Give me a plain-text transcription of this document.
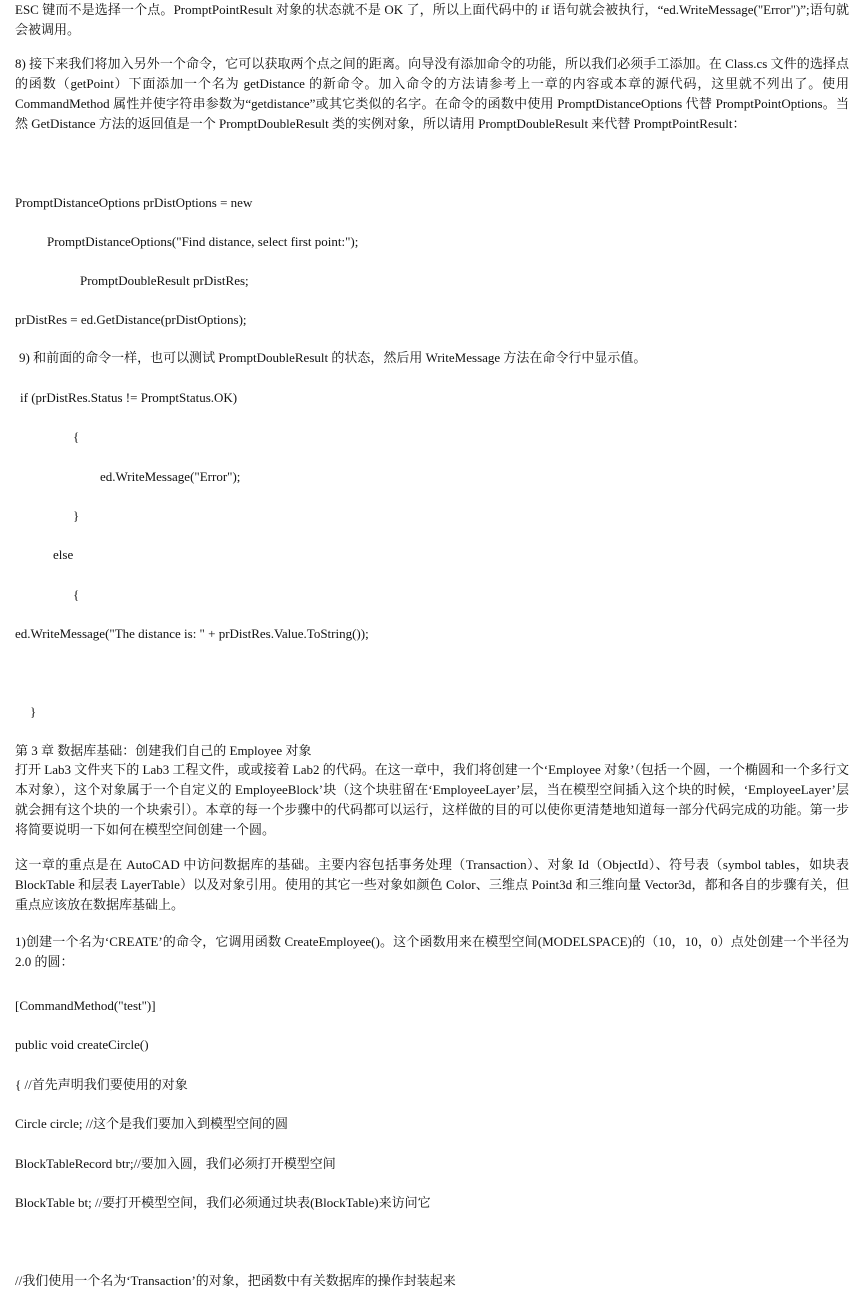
ESC 键而不是选择一个点。PromptPointResult 对象的状态就不是 OK 了，所以上面代码中的 if 语句就会被执行，“ed.WriteMessage("Error")”;语句就会被调用。

8) 接下来我们将加入另外一个命令，它可以获取两个点之间的距离。向导没有添加命令的功能，所以我们必须手工添加。在 Class.cs 文件的选择点的函数（getPoint）下面添加一个名为 getDistance 的新命令。加入命令的方法请参考上一章的内容或本章的源代码，这里就不列出了。使用 CommandMethod 属性并使字符串参数为“getdistance”或其它类似的名字。在命令的函数中使用 PromptDistanceOptions 代替 PromptPointOptions。当然 GetDistance 方法的返回值是一个 PromptDoubleResult 类的实例对象，所以请用 PromptDoubleResult 来代替 PromptPointResult：

PromptDistanceOptions prDistOptions = new
PromptDistanceOptions("Find distance, select first point:");
PromptDoubleResult prDistRes;
prDistRes = ed.GetDistance(prDistOptions);

9) 和前面的命令一样，也可以测试 PromptDoubleResult 的状态，然后用 WriteMessage 方法在命令行中显示值。

if (prDistRes.Status != PromptStatus.OK)
{
ed.WriteMessage("Error");
}
else
{
ed.WriteMessage("The distance is: " + prDistRes.Value.ToString());
}
第 3 章 数据库基础：创建我们自己的 Employee 对象

打开 Lab3 文件夹下的 Lab3 工程文件，或或接着 Lab2 的代码。在这一章中，我们将创建一个‘Employee 对象’（包括一个圆，一个椭圆和一个多行文本对象），这个对象属于一个自定义的 EmployeeBlock’块（这个块驻留在‘EmployeeLayer’层，当在模型空间插入这个块的时候，‘EmployeeLayer’层就会拥有这个块的一个块索引）。本章的每一个步骤中的代码都可以运行，这样做的目的可以使你更清楚地知道每一部分代码完成的功能。第一步将简要说明一下如何在模型空间创建一个圆。

这一章的重点是在 AutoCAD 中访问数据库的基础。主要内容包括事务处理（Transaction）、对象 Id（ObjectId）、符号表（symbol tables，如块表 BlockTable 和层表 LayerTable）以及对象引用。使用的其它一些对象如颜色 Color、三维点 Point3d 和三维向量 Vector3d，都和各自的步骤有关，但重点应该放在数据库基础上。

1)创建一个名为‘CREATE’的命令，它调用函数 CreateEmployee()。这个函数用来在模型空间(MODELSPACE)的（10，10，0）点处创建一个半径为 2.0 的圆：

[CommandMethod("test")]
public void createCircle()
{ //首先声明我们要使用的对象
Circle circle; //这个是我们要加入到模型空间的圆
BlockTableRecord btr;//要加入圆，我们必须打开模型空间
BlockTable bt; //要打开模型空间，我们必须通过块表(BlockTable)来访问它
//我们使用一个名为‘Transaction’的对象，把函数中有关数据库的操作封装起来
